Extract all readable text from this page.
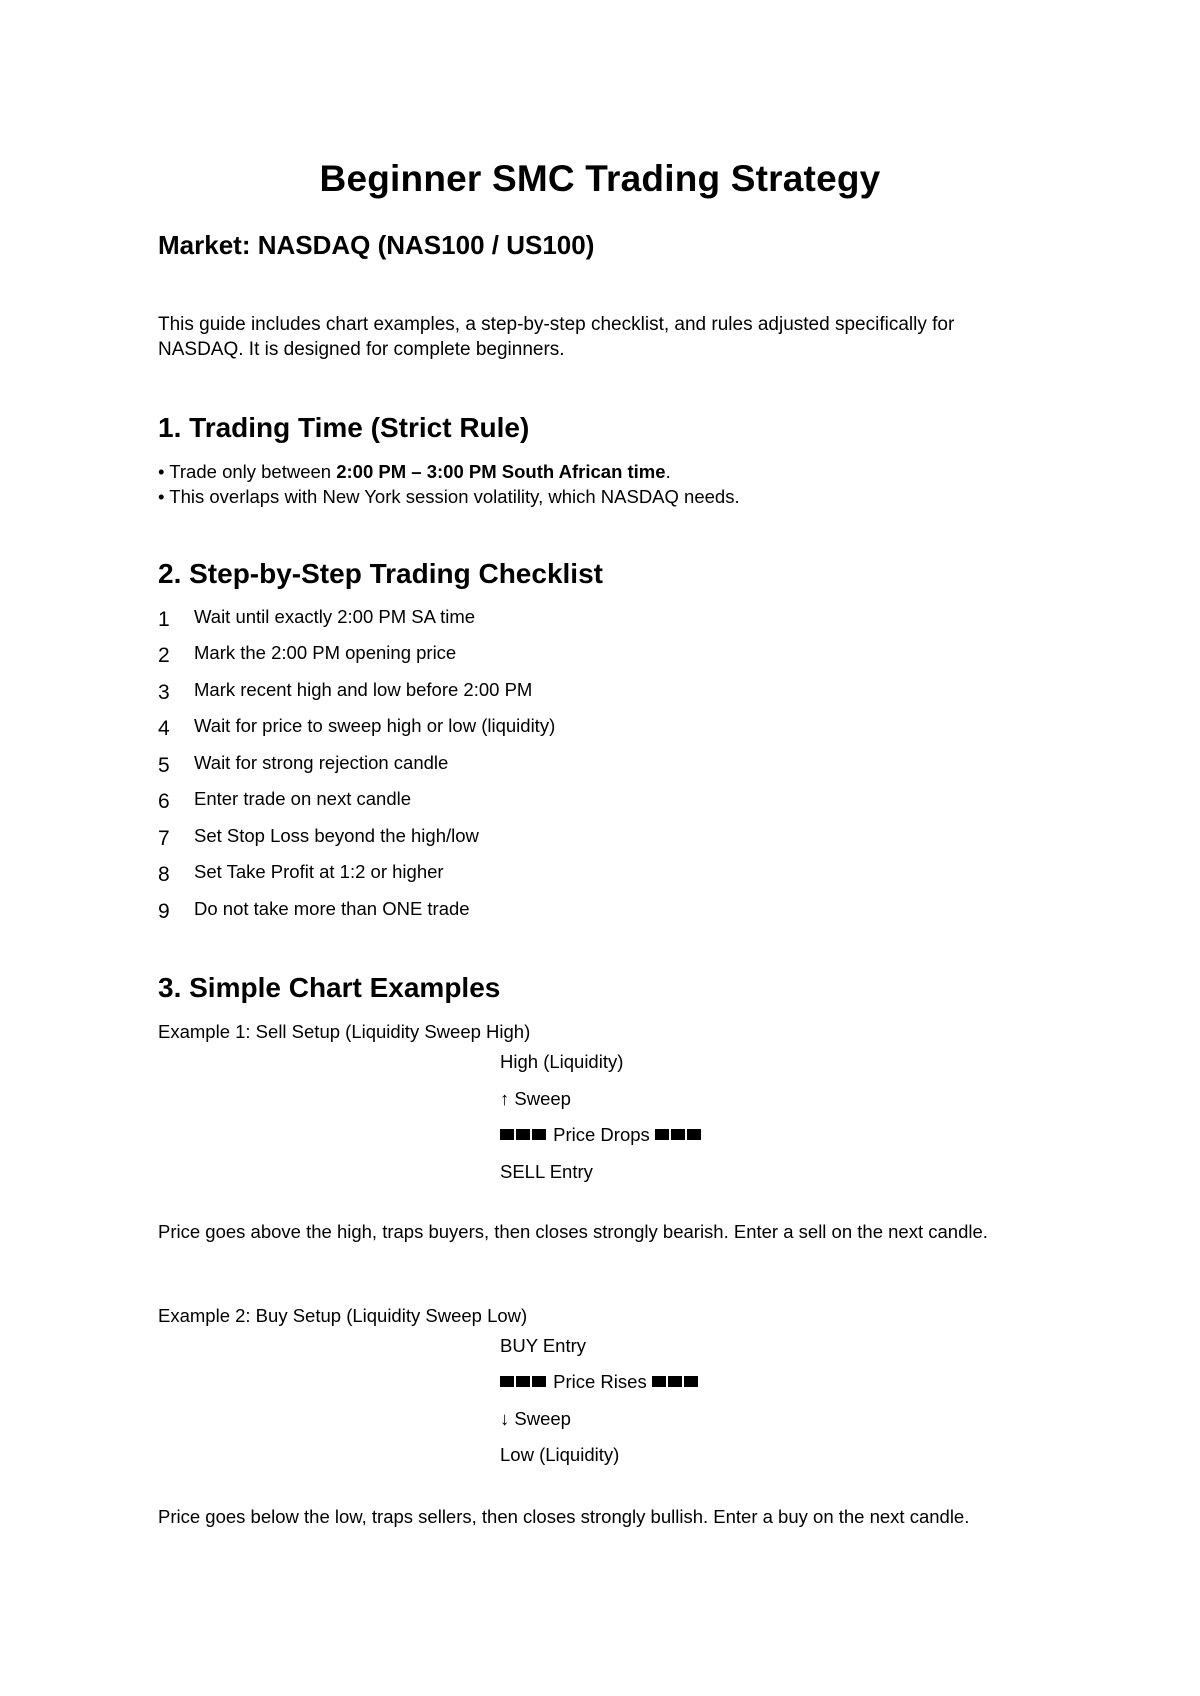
Beginner SMC Trading Strategy
Market: NASDAQ (NAS100 / US100)
This guide includes chart examples, a step-by-step checklist, and rules adjusted specifically for NASDAQ. It is designed for complete beginners.
1. Trading Time (Strict Rule)
• Trade only between 2:00 PM – 3:00 PM South African time.
• This overlaps with New York session volatility, which NASDAQ needs.
2. Step-by-Step Trading Checklist
1 Wait until exactly 2:00 PM SA time
2 Mark the 2:00 PM opening price
3 Mark recent high and low before 2:00 PM
4 Wait for price to sweep high or low (liquidity)
5 Wait for strong rejection candle
6 Enter trade on next candle
7 Set Stop Loss beyond the high/low
8 Set Take Profit at 1:2 or higher
9 Do not take more than ONE trade
3. Simple Chart Examples
Example 1: Sell Setup (Liquidity Sweep High)
High (Liquidity)
↑ Sweep
Price Drops
SELL Entry
Price goes above the high, traps buyers, then closes strongly bearish. Enter a sell on the next candle.
Example 2: Buy Setup (Liquidity Sweep Low)
BUY Entry
Price Rises
↓ Sweep
Low (Liquidity)
Price goes below the low, traps sellers, then closes strongly bullish. Enter a buy on the next candle.
